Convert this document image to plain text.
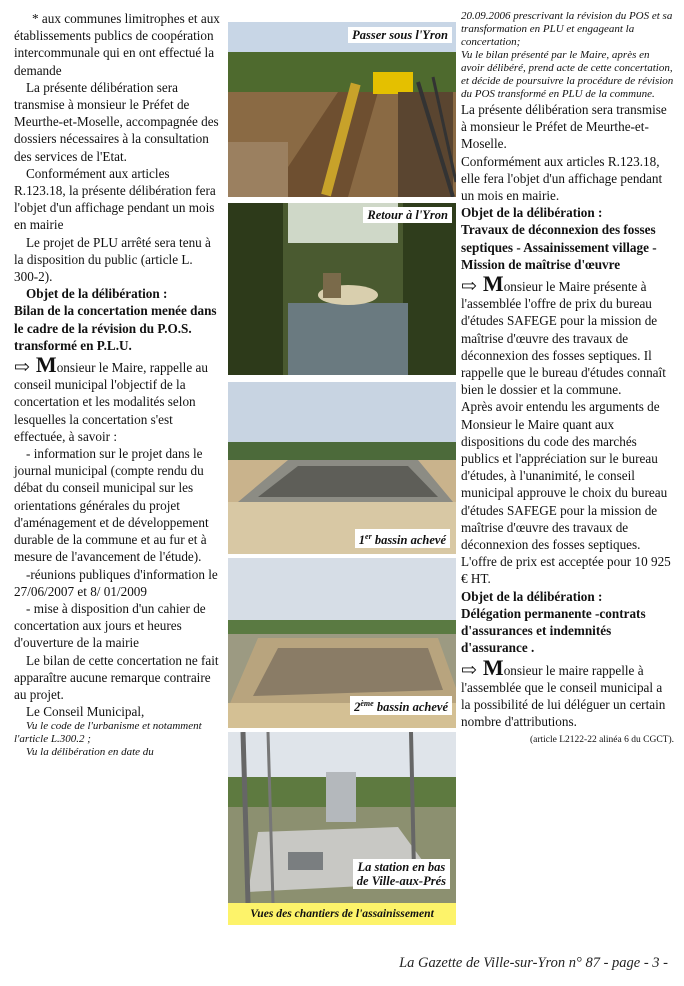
* aux communes limitrophes et aux établissements publics de coopération intercommunale qui en ont effectué la demande

La présente délibération sera transmise à monsieur le Préfet de Meurthe-et-Moselle, accompagnée des dossiers nécessaires à la consultation des services de l'Etat.

Conformément aux articles R.123.18, la présente délibération fera l'objet d'un affichage pendant un mois en mairie

Le projet de PLU arrêté sera tenu à la disposition du public (article L. 300-2).

Objet de la délibération :

Bilan de la concertation menée dans le cadre de la révision du P.O.S. transformé en P.L.U.

⇨ Monsieur le Maire, rappelle au conseil municipal l'objectif de la concertation et les modalités selon lesquelles la concertation s'est effectuée, à savoir :

- information sur le projet dans le journal municipal (compte rendu du débat du conseil municipal sur les orientations générales du projet d'aménagement et de développement durable de la commune et au fur et à mesure de l'avancement de l'étude).

-réunions publiques d'information le 27/06/2007 et 8/ 01/2009

- mise à disposition d'un cahier de concertation aux jours et heures d'ouverture de la mairie

Le bilan de cette concertation ne fait apparaître aucune remarque contraire au projet.

Le Conseil Municipal,

Vu le code de l'urbanisme et notamment l'article L.300.2 ;

Vu la délibération en date du

Passer sous l'Yron
Retour à l'Yron
1er bassin achevé
2ème bassin achevé
La station en bas
de Ville-aux-Prés
Vues des chantiers de l'assainissement

20.09.2006 prescrivant la révision du POS et sa transformation en PLU et engageant la concertation;

Vu le bilan présenté par le Maire, après en avoir délibéré, prend acte de cette concertation, et décide de poursuivre la procédure de révision du POS transformé en PLU de la commune.

La présente délibération sera transmise à monsieur le Préfet de Meurthe-et-Moselle.

Conformément aux articles R.123.18, elle fera l'objet d'un affichage pendant un mois en mairie.

Objet de la délibération :

Travaux de déconnexion des fosses septiques - Assainissement village - Mission de maîtrise d'œuvre

⇨ Monsieur le Maire présente à l'assemblée l'offre de prix du bureau d'études SAFEGE pour la mission de maîtrise d'œuvre des travaux de déconnexion des fosses septiques. Il rappelle que le bureau d'études connaît bien le dossier et la commune.

Après avoir entendu les arguments de Monsieur le Maire quant aux dispositions du code des marchés publics et l'appréciation sur le bureau d'études, à l'unanimité, le conseil municipal approuve le choix du bureau d'études SAFEGE pour la mission de maîtrise d'œuvre des travaux de déconnexion des fosses septiques. L'offre de prix est acceptée pour 10 925 € HT.

Objet de la délibération :

Délégation permanente -contrats d'assurances et indemnités d'assurance .

⇨ Monsieur le maire rappelle à l'assemblée que le conseil municipal a la possibilité de lui déléguer un certain nombre d'attributions.

(article L2122-22 alinéa 6 du CGCT).

La Gazette de Ville-sur-Yron n° 87 - page - 3 -
